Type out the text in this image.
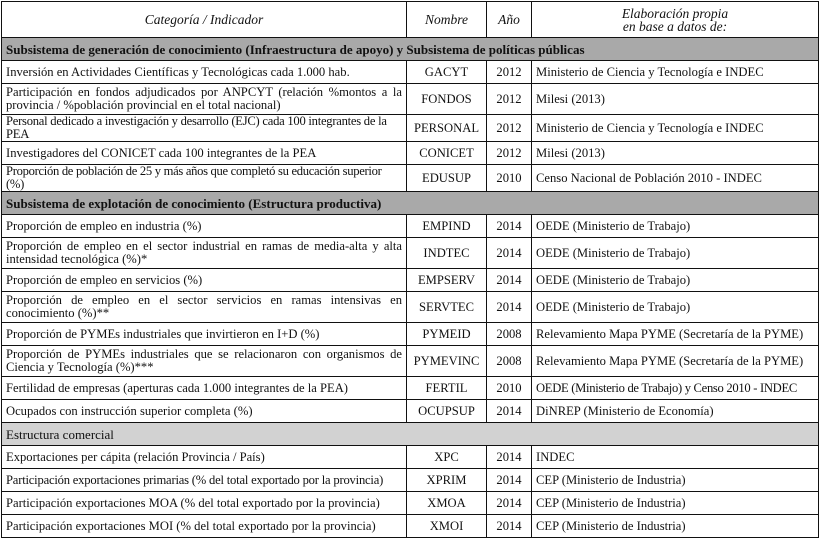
Categoría / Indicador	Nombre	Año	Elaboración propia
en base a datos de:
Subsistema de generación de conocimiento (Infraestructura de apoyo) y Subsistema de políticas públicas			
Inversión en Actividades Científicas y Tecnológicas cada 1.000 hab.	GACYT	2012	Ministerio de Ciencia y Tecnología e INDEC

Participación en fondos adjudicados por ANPCYT (relación %montos a la provincia / %población provincial en el total nacional)	FONDOS	2012	Milesi (2013)
Personal dedicado a investigación y desarrollo (EJC) cada 100 integrantes de la PEA	PERSONAL	2012	Ministerio de Ciencia y Tecnología e INDEC
Investigadores del CONICET cada 100 integrantes de la PEA	CONICET	2012	Milesi (2013)
Proporción de población de 25 y más años que completó su educación superior (%)	EDUSUP	2010	Censo Nacional de Población 2010 - INDEC
Subsistema de explotación de conocimiento (Estructura productiva)			
Proporción de empleo en industria (%)	EMPIND	2014	OEDE (Ministerio de Trabajo)

Proporción de empleo en el sector industrial en ramas de media-alta y alta intensidad tecnológica (%)*	INDTEC	2014	OEDE (Ministerio de Trabajo)
Proporción de empleo en servicios (%)	EMPSERV	2014	OEDE (Ministerio de Trabajo)

Proporción de empleo en el sector servicios en ramas intensivas en conocimiento (%)**	SERVTEC	2014	OEDE (Ministerio de Trabajo)
Proporción de PYMEs industriales que invirtieron en I+D (%)	PYMEID	2008	Relevamiento Mapa PYME (Secretaría de la PYME)

Proporción de PYMEs industriales que se relacionaron con organismos de Ciencia y Tecnología (%)***	PYMEVINC	2008	Relevamiento Mapa PYME (Secretaría de la PYME)
Fertilidad de empresas (aperturas cada 1.000 integrantes de la PEA)	FERTIL	2010	OEDE (Ministerio de Trabajo) y Censo 2010 - INDEC
Ocupados con instrucción superior completa (%)	OCUPSUP	2014	DiNREP (Ministerio de Economía)
Estructura comercial			
Exportaciones per cápita (relación Provincia / País)	XPC	2014	INDEC
Participación exportaciones primarias (% del total exportado por la provincia)	XPRIM	2014	CEP (Ministerio de Industria)
Participación exportaciones MOA (% del total exportado por la provincia)	XMOA	2014	CEP (Ministerio de Industria)
Participación exportaciones MOI (% del total exportado por la provincia)	XMOI	2014	CEP (Ministerio de Industria)
